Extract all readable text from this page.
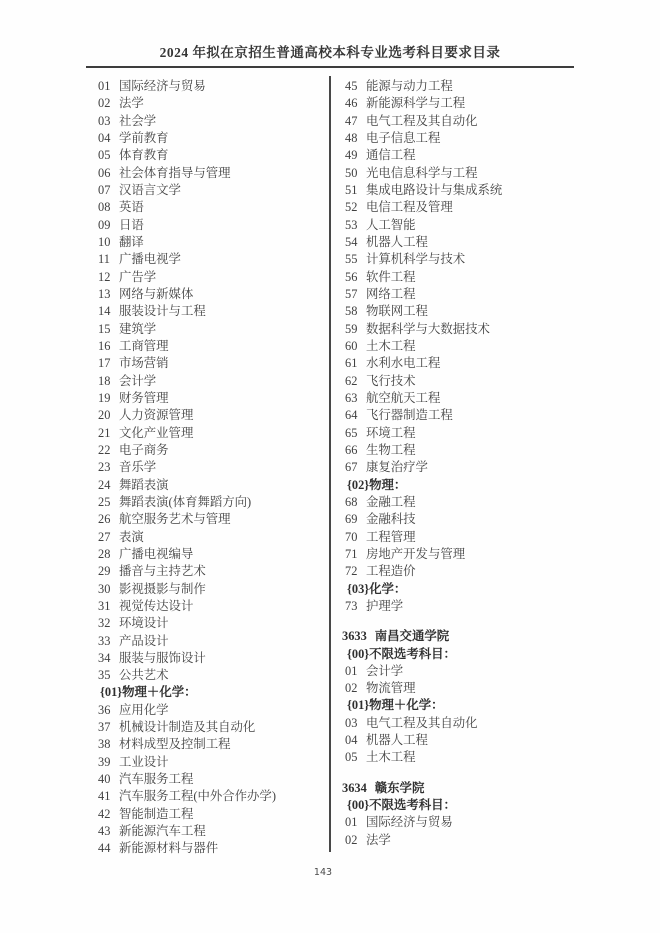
2024 年拟在京招生普通高校本科专业选考科目要求目录
01 国际经济与贸易
02 法学
03 社会学
04 学前教育
05 体育教育
06 社会体育指导与管理
07 汉语言文学
08 英语
09 日语
10 翻译
11 广播电视学
12 广告学
13 网络与新媒体
14 服装设计与工程
15 建筑学
16 工商管理
17 市场营销
18 会计学
19 财务管理
20 人力资源管理
21 文化产业管理
22 电子商务
23 音乐学
24 舞蹈表演
25 舞蹈表演(体育舞蹈方向)
26 航空服务艺术与管理
27 表演
28 广播电视编导
29 播音与主持艺术
30 影视摄影与制作
31 视觉传达设计
32 环境设计
33 产品设计
34 服装与服饰设计
35 公共艺术
{01}物理＋化学：
36 应用化学
37 机械设计制造及其自动化
38 材料成型及控制工程
39 工业设计
40 汽车服务工程
41 汽车服务工程(中外合作办学)
42 智能制造工程
43 新能源汽车工程
44 新能源材料与器件
45 能源与动力工程
46 新能源科学与工程
47 电气工程及其自动化
48 电子信息工程
49 通信工程
50 光电信息科学与工程
51 集成电路设计与集成系统
52 电信工程及管理
53 人工智能
54 机器人工程
55 计算机科学与技术
56 软件工程
57 网络工程
58 物联网工程
59 数据科学与大数据技术
60 土木工程
61 水利水电工程
62 飞行技术
63 航空航天工程
64 飞行器制造工程
65 环境工程
66 生物工程
67 康复治疗学
{02}物理：
68 金融工程
69 金融科技
70 工程管理
71 房地产开发与管理
72 工程造价
{03}化学：
73 护理学
3633 南昌交通学院
{00}不限选考科目：
01 会计学
02 物流管理
{01}物理＋化学：
03 电气工程及其自动化
04 机器人工程
05 土木工程
3634 赣东学院
{00}不限选考科目：
01 国际经济与贸易
02 法学
143
